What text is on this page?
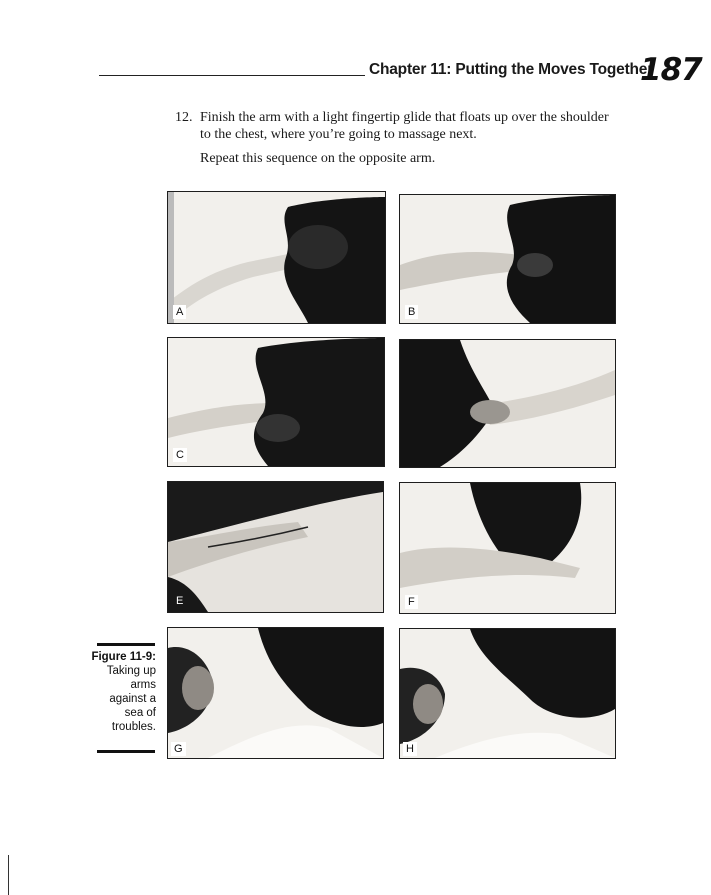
Chapter 11: Putting the Moves Together
187
12. Finish the arm with a light fingertip glide that floats up over the shoulder to the chest, where you’re going to massage next.
Repeat this sequence on the opposite arm.
A	B
C
E	F
G	H
Figure 11-9:
Taking up
arms
against a
sea of
troubles.
